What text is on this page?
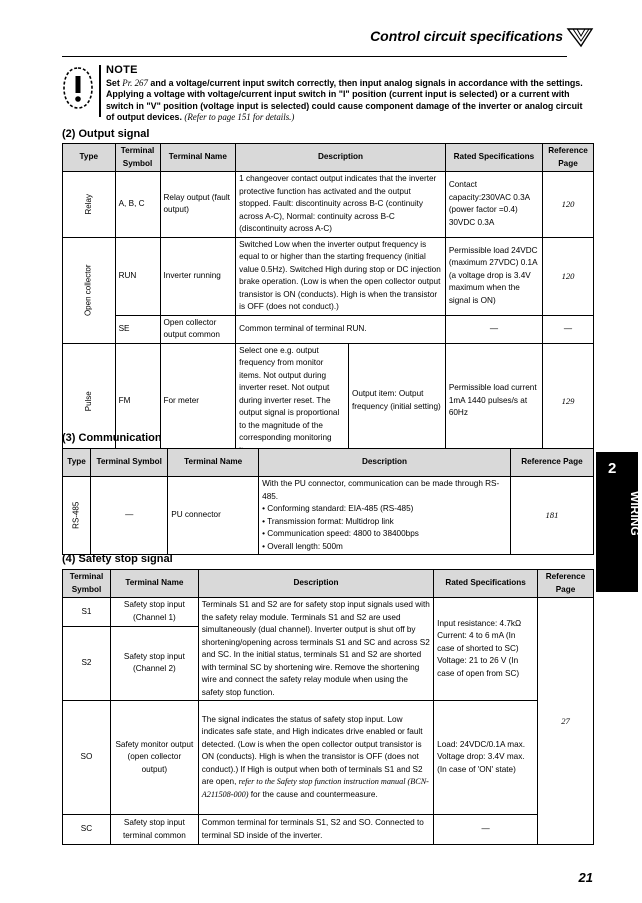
Control circuit specifications
NOTE
Set Pr. 267 and a voltage/current input switch correctly, then input analog signals in accordance with the settings. Applying a voltage with voltage/current input switch in "I" position (current input is selected) or a current with switch in "V" position (voltage input is selected) could cause component damage of the inverter or analog circuit of output devices. (Refer to page 151 for details.)
(2) Output signal
Type	Terminal Symbol	Terminal Name	Description		Rated Specifications	Reference Page
Relay	A, B, C	Relay output (fault output)	1 changeover contact output indicates that the inverter protective function has activated and the output stopped. Fault: discontinuity across B-C (continuity across A-C), Normal: continuity across B-C (discontinuity across A-C)		Contact capacity:230VAC 0.3A (power factor =0.4) 30VDC 0.3A	120
Open collector	RUN	Inverter running	Switched Low when the inverter output frequency is equal to or higher than the starting frequency (initial value 0.5Hz). Switched High during stop or DC injection brake operation. (Low is when the open collector output transistor is ON (conducts). High is when the transistor is OFF (does not conduct).)		Permissible load 24VDC (maximum 27VDC) 0.1A (a voltage drop is 3.4V maximum when the signal is ON)	120
	SE	Open collector output common	Common terminal of terminal RUN.		—	—
Pulse	FM	For meter	Select one e.g. output frequency from monitor items. Not output during inverter reset. Not output during inverter reset. The output signal is proportional to the magnitude of the corresponding monitoring	Output item: Output frequency (initial setting)	Permissible load current 1mA 1440 pulses/s at 60Hz	129
(3) Communication
Type	Terminal Symbol	Terminal Name	Description	Reference Page
RS-485	—	PU connector	With the PU connector, communication can be made through RS-485.
• Conforming standard: EIA-485 (RS-485)
• Transmission format: Multidrop link
• Communication speed: 4800 to 38400bps
• Overall length: 500m	181
(4) Safety stop signal
Terminal Symbol	Terminal Name	Description	Rated Specifications	Reference Page
S1	Safety stop input (Channel 1)	Terminals S1 and S2 are for safety stop input signals used with the safety relay module. Terminals S1 and S2 are used simultaneously (dual channel). Inverter output is shut off by shortening/opening across terminals S1 and SC and across S2 and SC. In the initial status, terminals S1 and S2 are shorted with terminal SC by shortening wire. Remove the shortening wire and connect the safety relay module when using the safety stop function.	Input resistance: 4.7kΩ Current: 4 to 6 mA (In case of shorted to SC) Voltage: 21 to 26 V (In case of open from SC)	27
S2	Safety stop input (Channel 2)			
SO	Safety monitor output (open collector output)	The signal indicates the status of safety stop input. Low indicates safe state, and High indicates drive enabled or fault detected. (Low is when the open collector output transistor is ON (conducts). High is when the transistor is OFF (does not conduct).) If High is output when both of terminals S1 and S2 are open, refer to the Safety stop function instruction manual (BCN-A211508-000) for the cause and countermeasure.	Load: 24VDC/0.1A max. Voltage drop: 3.4V max. (In case of 'ON' state)	
SC	Safety stop input terminal common	Common terminal for terminals S1, S2 and SO. Connected to terminal SD inside of the inverter.	—	
2
WIRING
21
